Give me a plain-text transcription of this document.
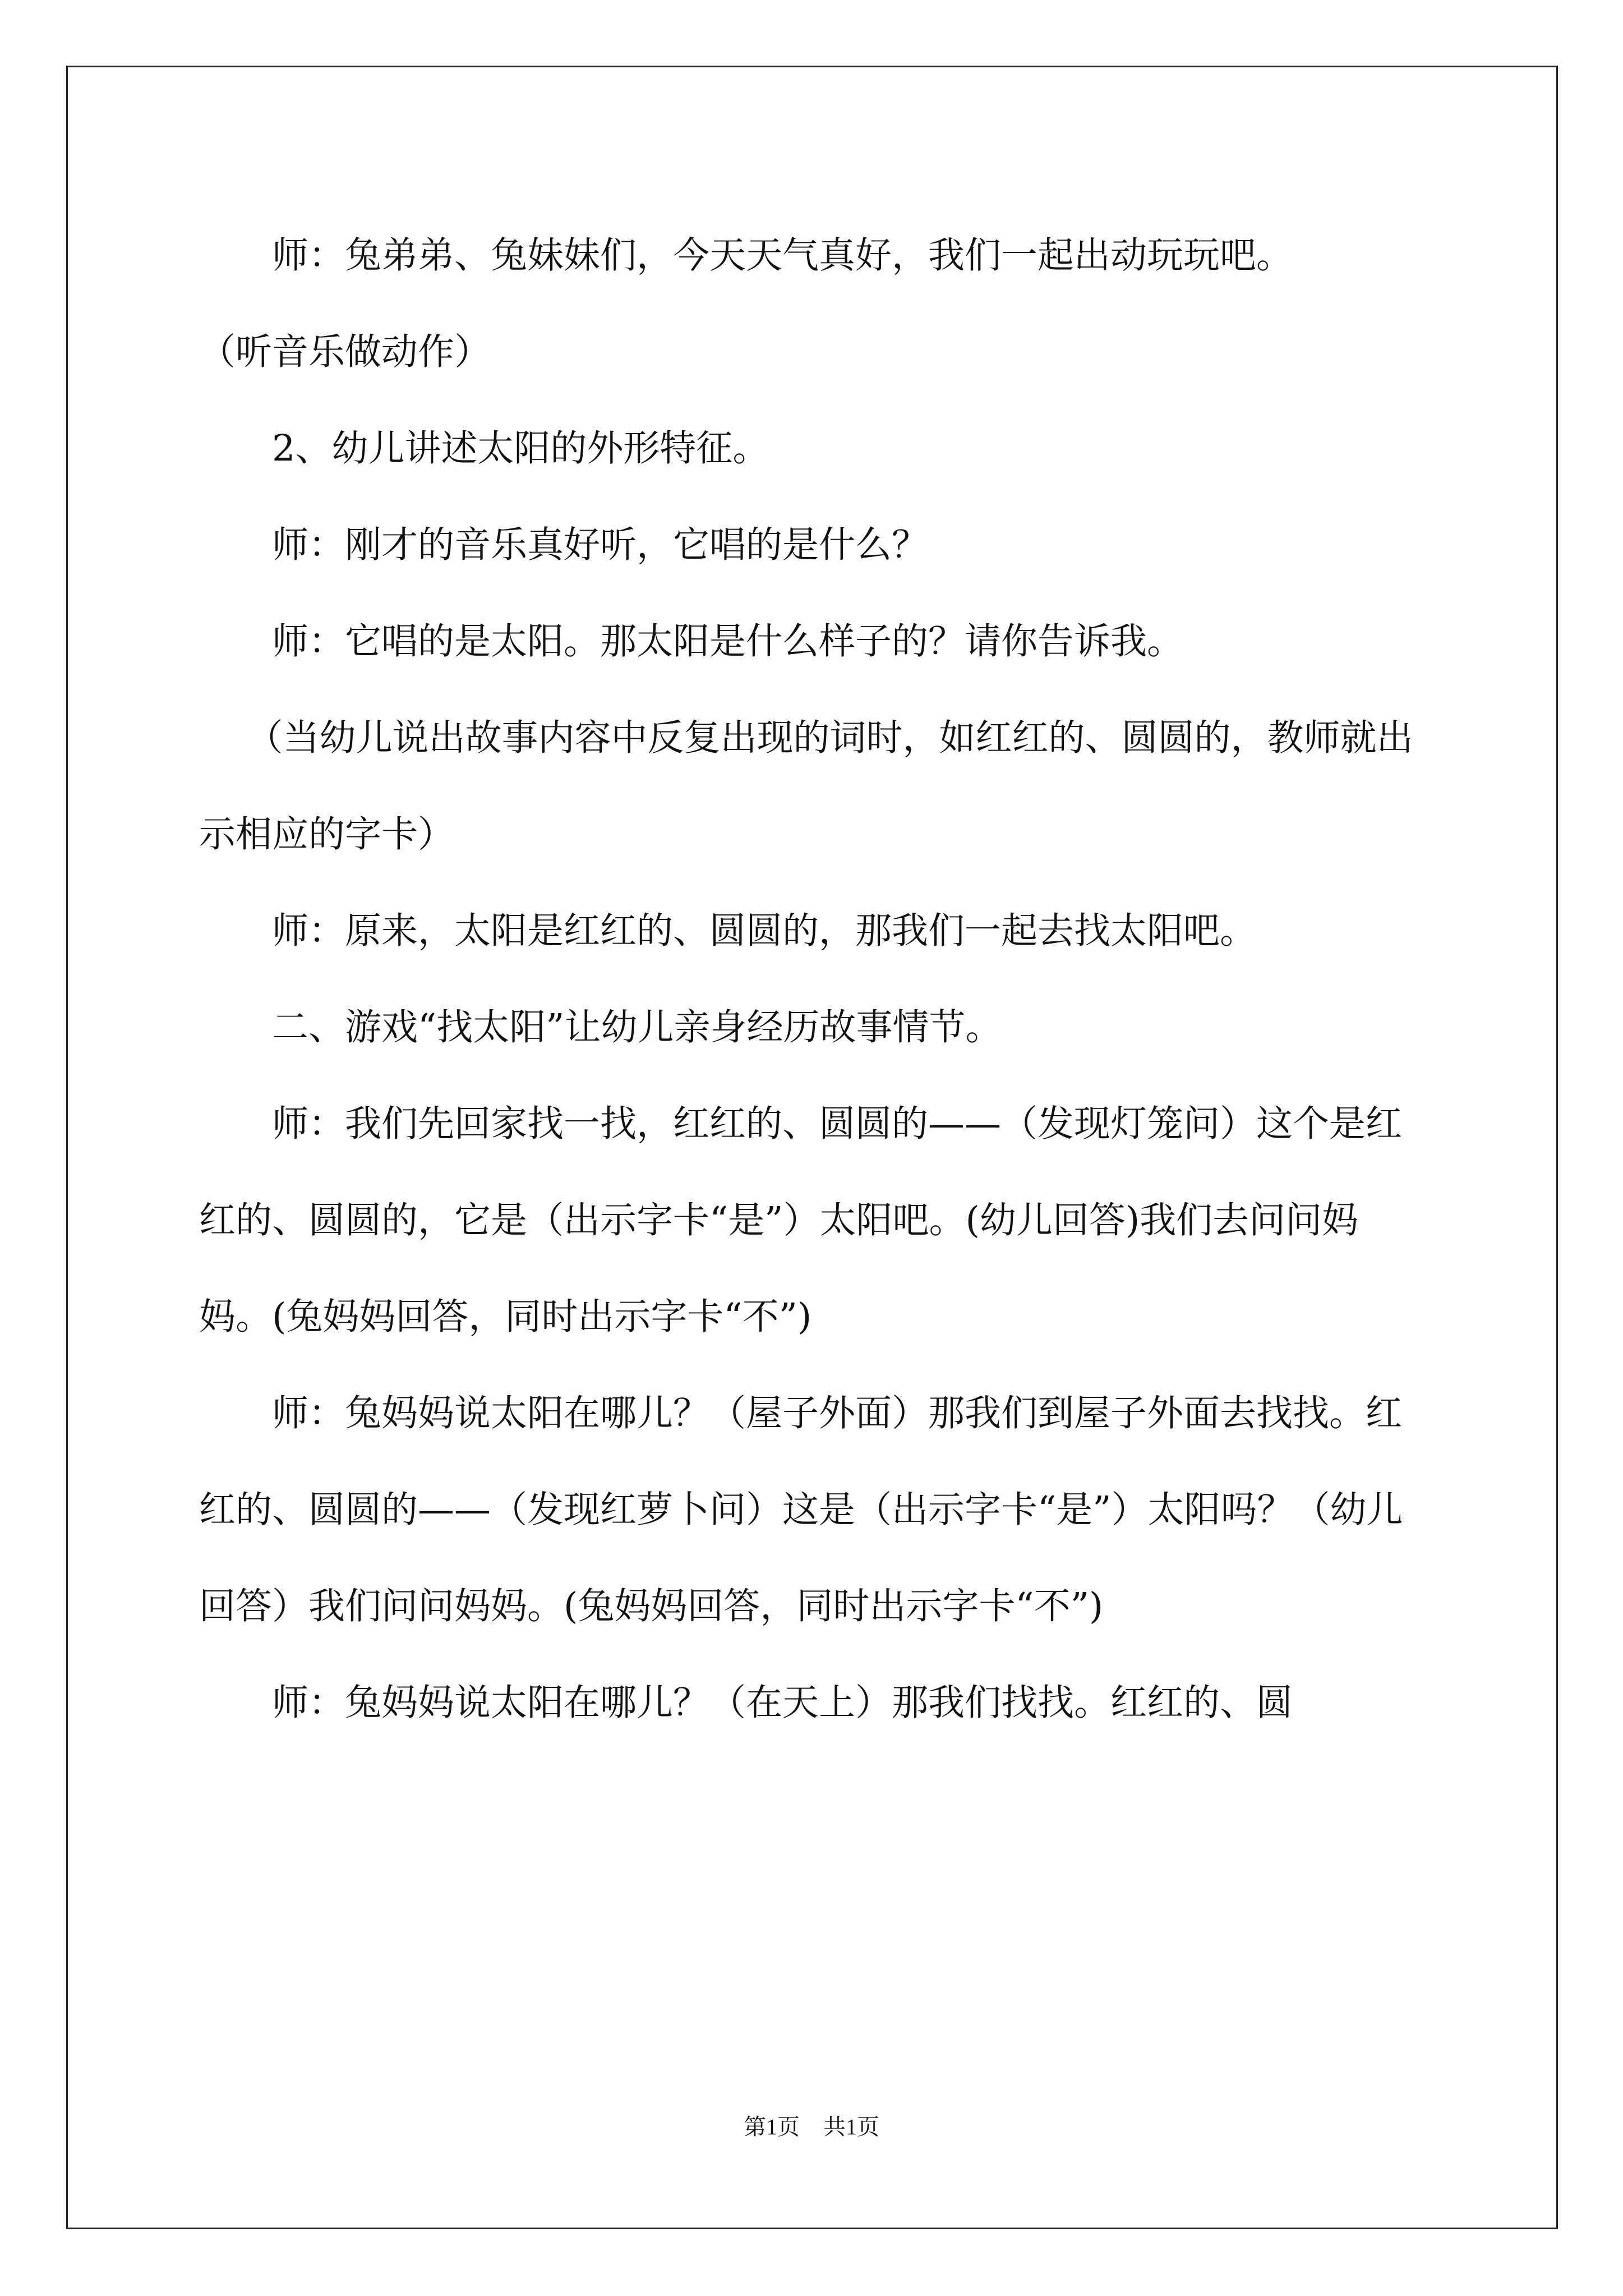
师：兔弟弟、兔妹妹们，今天天气真好，我们一起出动玩玩吧。

（听音乐做动作）

2、幼儿讲述太阳的外形特征。

师：刚才的音乐真好听，它唱的是什么？

师：它唱的是太阳。那太阳是什么样子的？请你告诉我。

（当幼儿说出故事内容中反复出现的词时，如红红的、圆圆的，教师就出示相应的字卡）

师：原来，太阳是红红的、圆圆的，那我们一起去找太阳吧。

二、游戏“找太阳”让幼儿亲身经历故事情节。

师：我们先回家找一找，红红的、圆圆的——（发现灯笼问）这个是红红的、圆圆的，它是（出示字卡“是”）太阳吧。(幼儿回答)我们去问问妈妈。(兔妈妈回答，同时出示字卡“不”)

师：兔妈妈说太阳在哪儿？（屋子外面）那我们到屋子外面去找找。红红的、圆圆的——（发现红萝卜问）这是（出示字卡“是”）太阳吗？（幼儿回答）我们问问妈妈。(兔妈妈回答，同时出示字卡“不”)

师：兔妈妈说太阳在哪儿？（在天上）那我们找找。红红的、圆

第1页 共1页
